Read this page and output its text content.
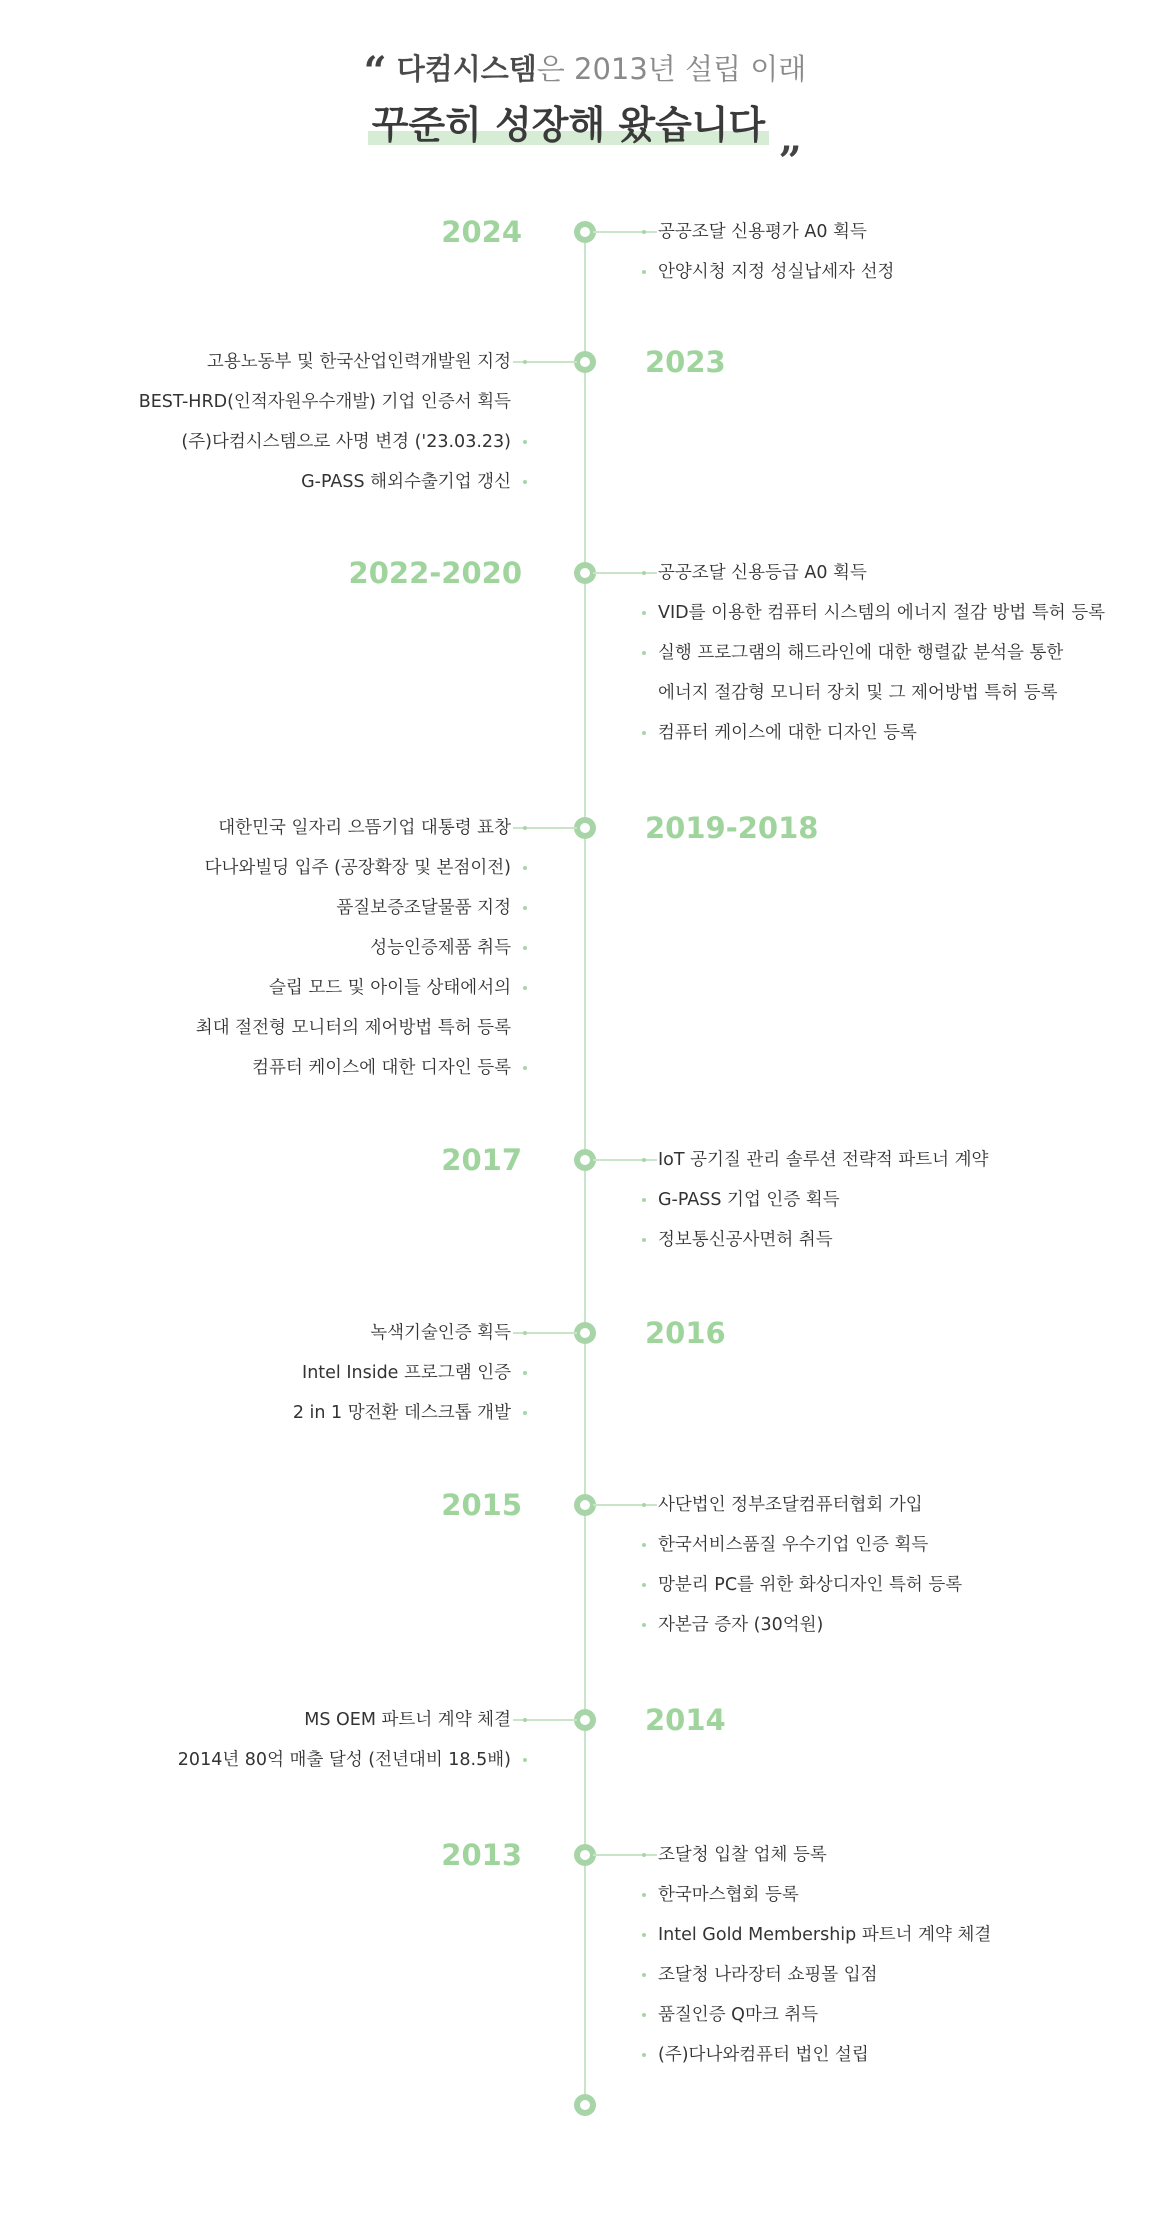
“ 다컴시스템은 2013년 설립 이래
꾸준히 성장해 왔습니다 „
2024	공공조달 신용평가 A0 획득
안양시청 지정 성실납세자 선정
2023
고용노동부 및 한국산업인력개발원 지정
BEST-HRD(인적자원우수개발) 기업 인증서 획득
(주)다컴시스템으로 사명 변경 ('23.03.23)
G-PASS 해외수출기업 갱신
2022-2020	공공조달 신용등급 A0 획득
VID를 이용한 컴퓨터 시스템의 에너지 절감 방법 특허 등록
실행 프로그램의 해드라인에 대한 행렬값 분석을 통한
에너지 절감형 모니터 장치 및 그 제어방법 특허 등록
컴퓨터 케이스에 대한 디자인 등록
2019-2018
대한민국 일자리 으뜸기업 대통령 표창
다나와빌딩 입주 (공장확장 및 본점이전)
품질보증조달물품 지정
성능인증제품 취득
슬립 모드 및 아이들 상태에서의
최대 절전형 모니터의 제어방법 특허 등록
컴퓨터 케이스에 대한 디자인 등록
2017	IoT 공기질 관리 솔루션 전략적 파트너 계약
G-PASS 기업 인증 획득
정보통신공사면허 취득
2016
녹색기술인증 획득
Intel Inside 프로그램 인증
2 in 1 망전환 데스크톱 개발
2015	사단법인 정부조달컴퓨터협회 가입
한국서비스품질 우수기업 인증 획득
망분리 PC를 위한 화상디자인 특허 등록
자본금 증자 (30억원)
2014
MS OEM 파트너 계약 체결
2014년 80억 매출 달성 (전년대비 18.5배)
2013	조달청 입찰 업체 등록
한국마스협회 등록
Intel Gold Membership 파트너 계약 체결
조달청 나라장터 쇼핑몰 입점
품질인증 Q마크 취득
(주)다나와컴퓨터 법인 설립
